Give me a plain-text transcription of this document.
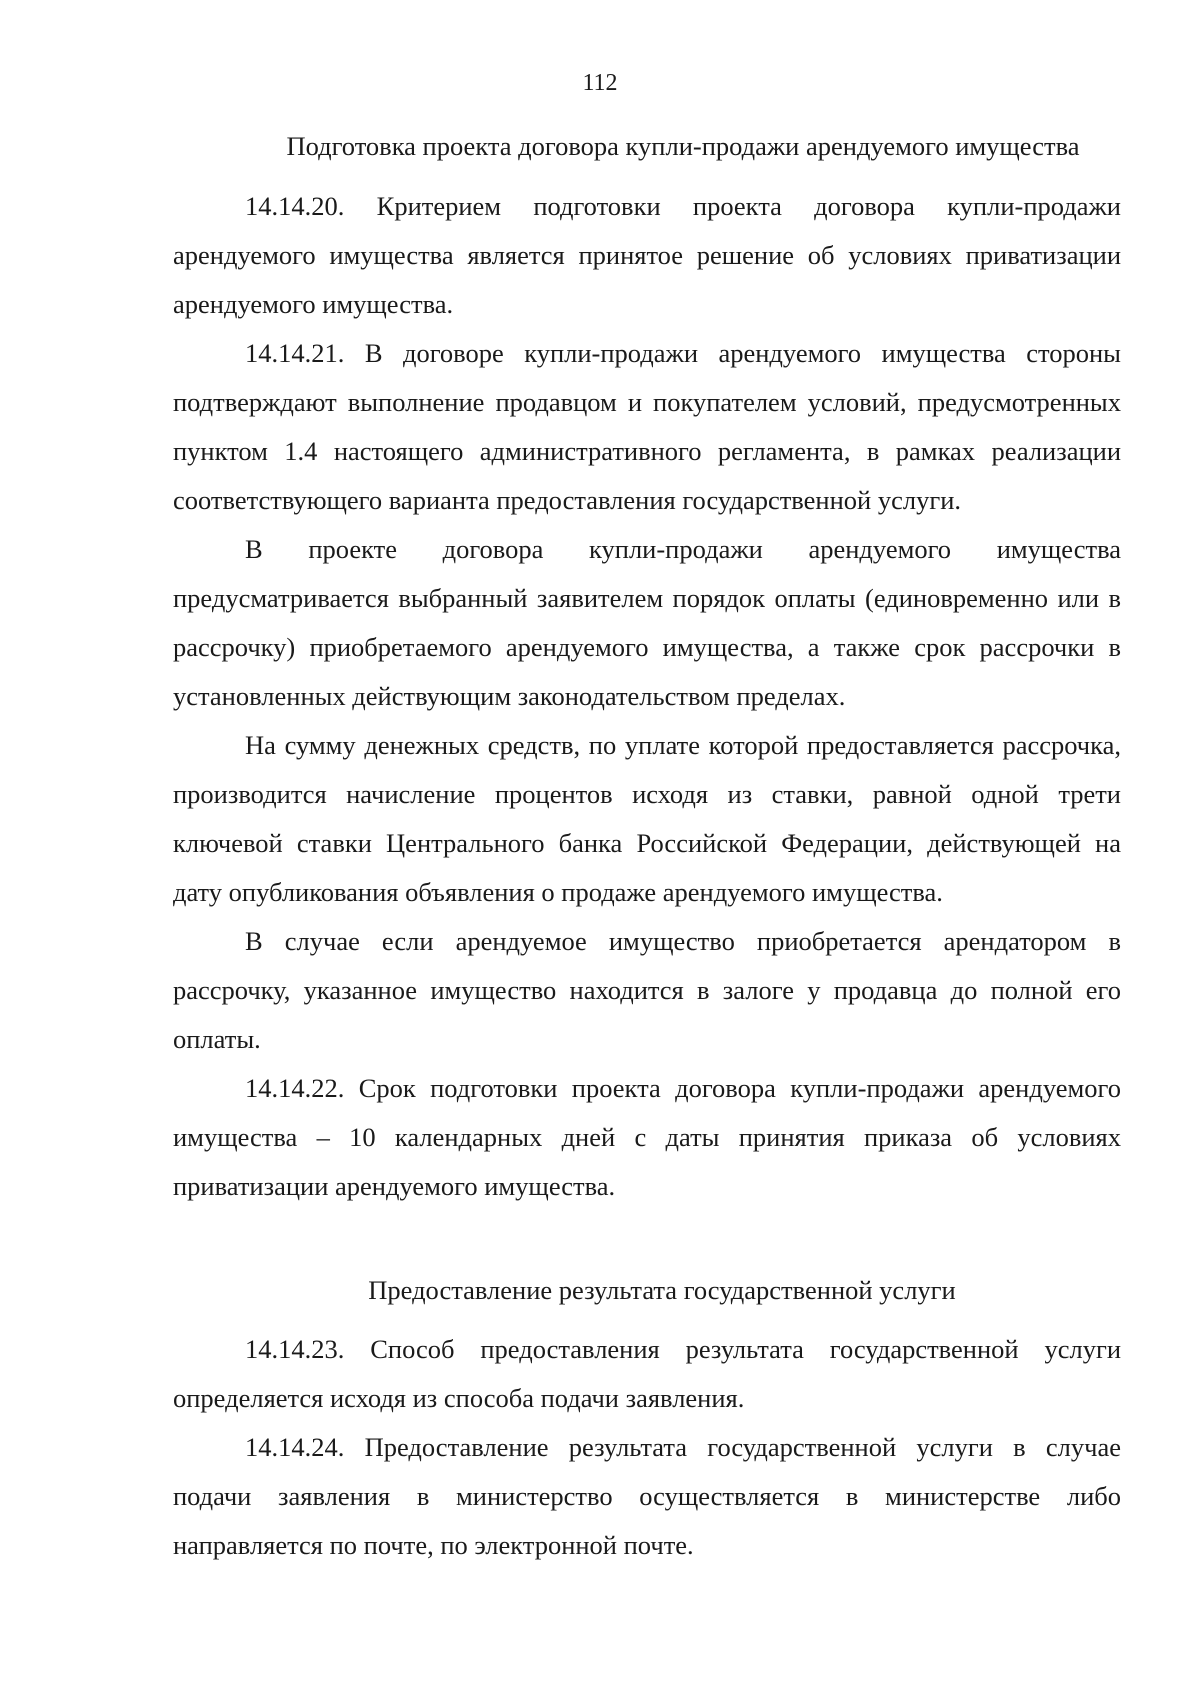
112

Подготовка проекта договора купли-продажи арендуемого имущества

14.14.20. Критерием подготовки проекта договора купли-продажи арендуемого имущества является принятое решение об условиях приватизации арендуемого имущества.

14.14.21. В договоре купли-продажи арендуемого имущества стороны подтверждают выполнение продавцом и покупателем условий, предусмотренных пунктом 1.4 настоящего административного регламента, в рамках реализации соответствующего варианта предоставления государственной услуги.

В проекте договора купли-продажи арендуемого имущества предусматривается выбранный заявителем порядок оплаты (единовременно или в рассрочку) приобретаемого арендуемого имущества, а также срок рассрочки в установленных действующим законодательством пределах.

На сумму денежных средств, по уплате которой предоставляется рассрочка, производится начисление процентов исходя из ставки, равной одной трети ключевой ставки Центрального банка Российской Федерации, действующей на дату опубликования объявления о продаже арендуемого имущества.

В случае если арендуемое имущество приобретается арендатором в рассрочку, указанное имущество находится в залоге у продавца до полной его оплаты.

14.14.22. Срок подготовки проекта договора купли-продажи арендуемого имущества – 10 календарных дней с даты принятия приказа об условиях приватизации арендуемого имущества.

Предоставление результата государственной услуги

14.14.23. Способ предоставления результата государственной услуги определяется исходя из способа подачи заявления.

14.14.24. Предоставление результата государственной услуги в случае подачи заявления в министерство осуществляется в министерстве либо направляется по почте, по электронной почте.
